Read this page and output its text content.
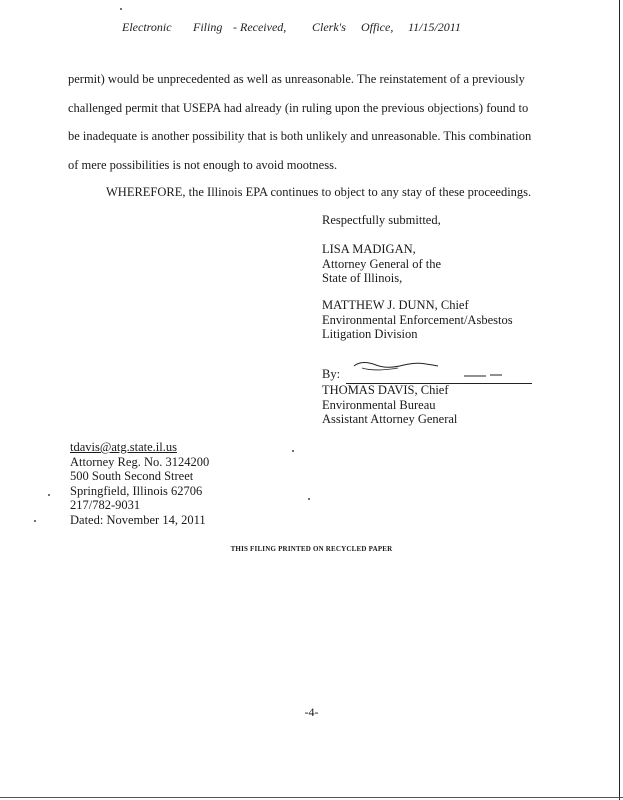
Electronic Filing - Received, Clerk's Office, 11/15/2011

permit) would be unprecedented as well as unreasonable. The reinstatement of a previously challenged permit that USEPA had already (in ruling upon the previous objections) found to be inadequate is another possibility that is both unlikely and unreasonable. This combination of mere possibilities is not enough to avoid mootness.

WHEREFORE, the Illinois EPA continues to object to any stay of these proceedings.
Respectfully submitted,
LISA MADIGAN,
Attorney General of the
State of Illinois,
MATTHEW J. DUNN, Chief
Environmental Enforcement/Asbestos
Litigation Division
By:
THOMAS DAVIS, Chief
Environmental Bureau
Assistant Attorney General
tdavis@atg.state.il.us
Attorney Reg. No. 3124200
500 South Second Street
Springfield, Illinois 62706
217/782-9031
Dated: November 14, 2011
THIS FILING PRINTED ON RECYCLED PAPER
-4-
